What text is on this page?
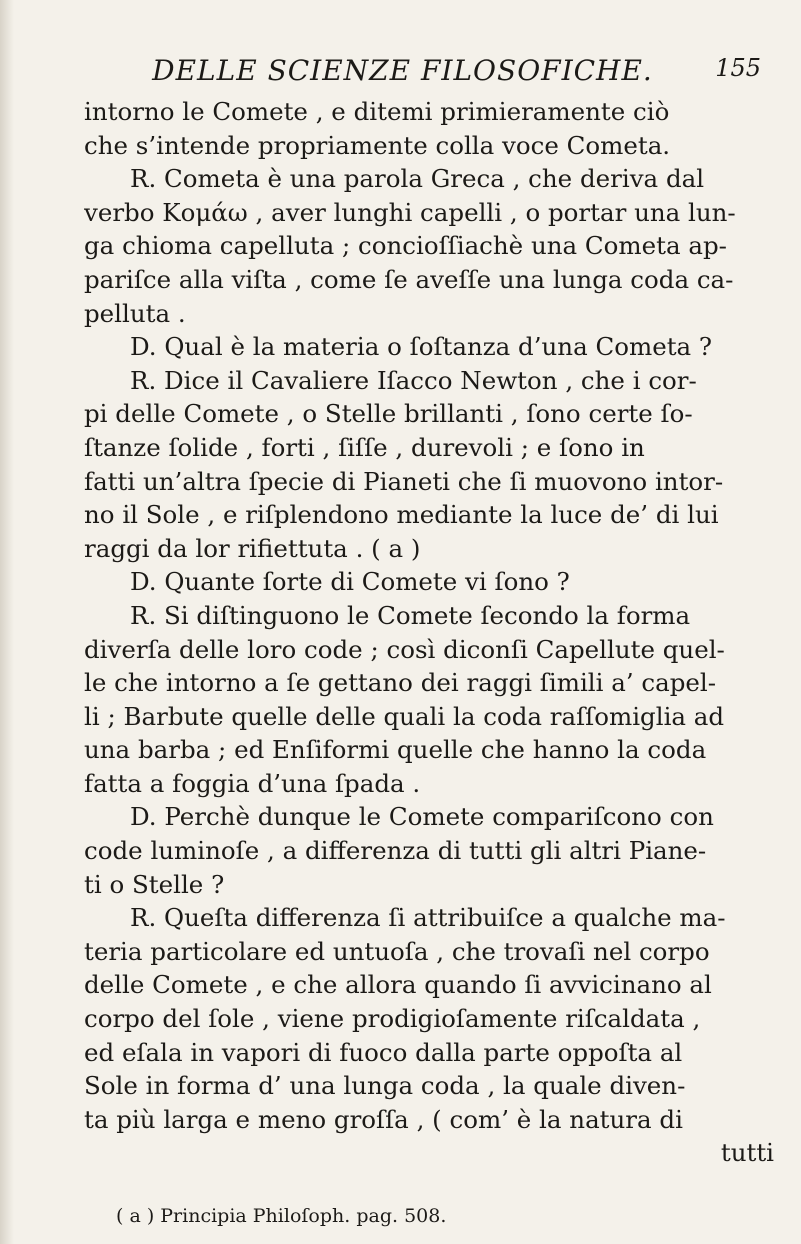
DELLE SCIENZE FILOSOFICHE.	155
intorno le Comete , e ditemi primieramente ciò
che s’intende propriamente colla voce Cometa.
R. Cometa è una parola Greca , che deriva dal
verbo Κομάω , aver lunghi capelli , o portar una lun-
ga chioma capelluta ; concioſſiachè una Cometa ap-
pariſce alla viſta , come ſe aveſſe una lunga coda ca-
pelluta .
D. Qual è la materia o ſoſtanza d’una Cometa ?
R. Dice il Cavaliere Iſacco Newton , che i cor-
pi delle Comete , o Stelle brillanti , ſono certe ſo-
ſtanze ſolide , forti , ſiſſe , durevoli ; e ſono in
fatti un’altra ſpecie di Pianeti che ſi muovono intor-
no il Sole , e riſplendono mediante la luce de’ di lui
raggi da lor rifiettuta . ( a )
D. Quante ſorte di Comete vi ſono ?
R. Si diſtinguono le Comete ſecondo la forma
diverſa delle loro code ; così diconſi Capellute quel-
le che intorno a ſe gettano dei raggi ſimili a’ capel-
li ; Barbute quelle delle quali la coda raſſomiglia ad
una barba ; ed Enſiformi quelle che hanno la coda
fatta a foggia d’una ſpada .
D. Perchè dunque le Comete compariſcono con
code luminoſe , a differenza di tutti gli altri Piane-
ti o Stelle ?
R. Queſta differenza ſi attribuiſce a qualche ma-
teria particolare ed untuoſa , che trovaſi nel corpo
delle Comete , e che allora quando ſi avvicinano al
corpo del ſole , viene prodigioſamente riſcaldata ,
ed eſala in vapori di fuoco dalla parte oppoſta al
Sole in forma d’ una lunga coda , la quale diven-
ta più larga e meno groſſa , ( com’ è la natura di
tutti
( a ) Principia Philoſoph. pag. 508.
